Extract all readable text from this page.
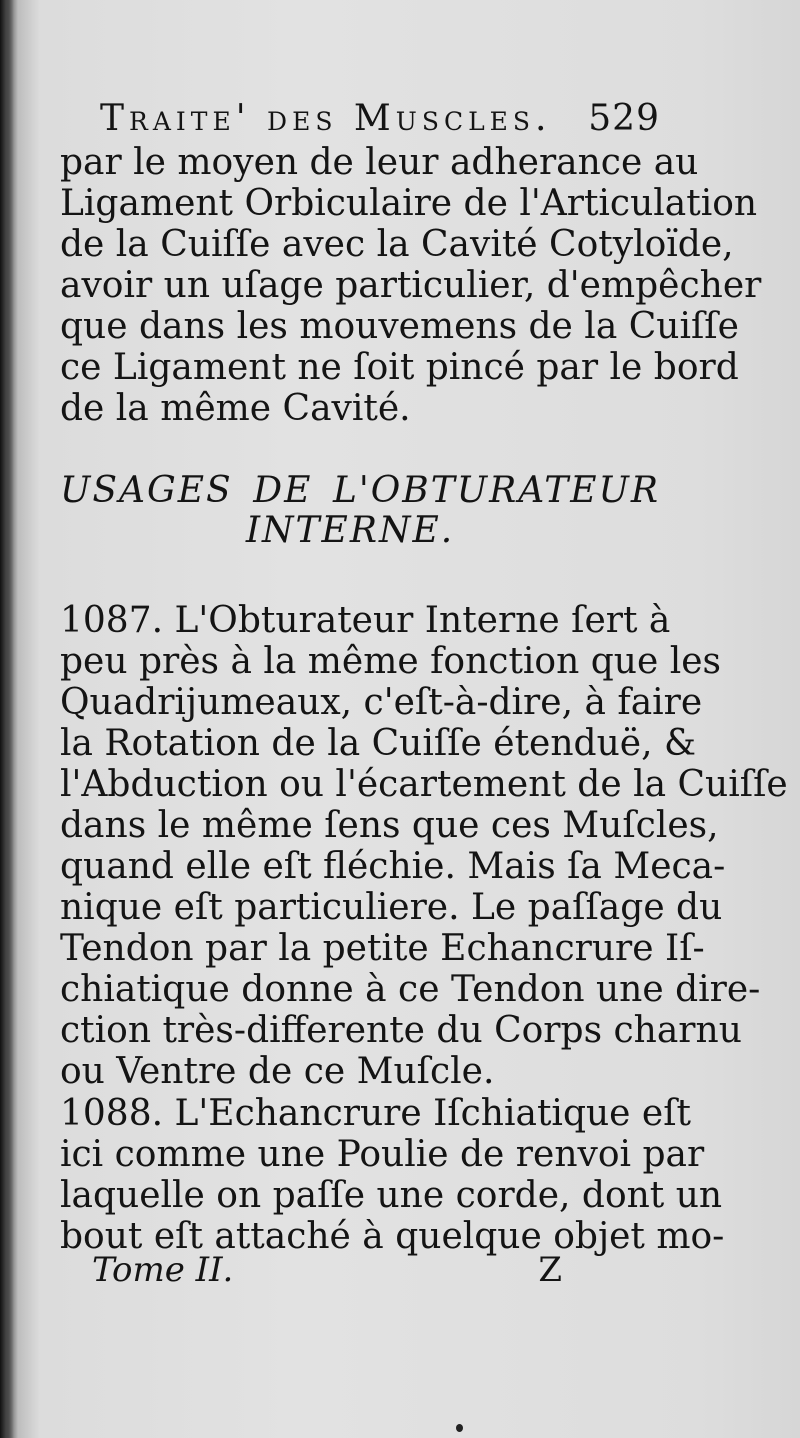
Traite' des Muscles. 529
par le moyen de leur adherance au
Ligament Orbiculaire de l'Articulation
de la Cuiſſe avec la Cavité Cotyloïde,
avoir un uſage particulier, d'empêcher
que dans les mouvemens de la Cuiſſe
ce Ligament ne ſoit pincé par le bord
de la même Cavité.
USAGES DE L'OBTURATEUR
INTERNE.
1087. L'Obturateur Interne ſert à
peu près à la même fonction que les
Quadrijumeaux, c'eſt-à-dire, à faire
la Rotation de la Cuiſſe étenduë, &
l'Abduction ou l'écartement de la Cuiſſe
dans le même ſens que ces Muſcles,
quand elle eſt fléchie. Mais ſa Meca-
nique eſt particuliere. Le paſſage du
Tendon par la petite Echancrure Iſ-
chiatique donne à ce Tendon une dire-
ction très-differente du Corps charnu
ou Ventre de ce Muſcle.
1088. L'Echancrure Iſchiatique eſt
ici comme une Poulie de renvoi par
laquelle on paſſe une corde, dont un
bout eſt attaché à quelque objet mo-
Tome II.	Z
